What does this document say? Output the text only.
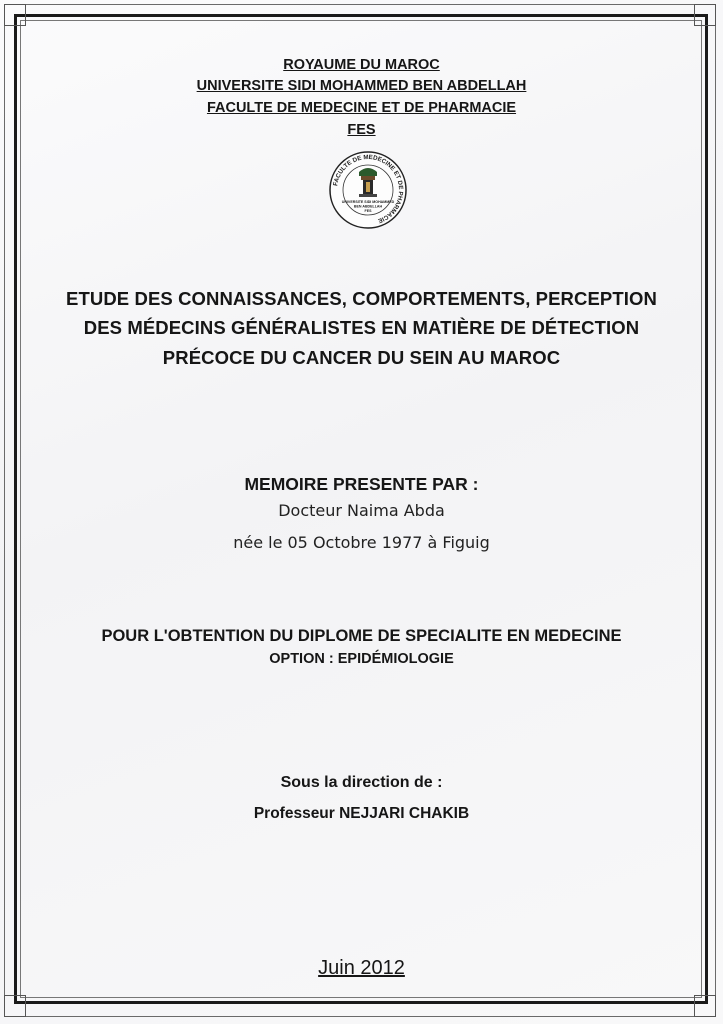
ROYAUME DU MAROC
UNIVERSITE SIDI MOHAMMED BEN ABDELLAH
FACULTE DE MEDECINE ET DE PHARMACIE
FES
FACULTE DE MEDECINE ET DE PHARMACIE
UNIVERSITE SIDI MOHAMMED
BEN ABDELLAH
FES
ETUDE DES CONNAISSANCES, COMPORTEMENTS, PERCEPTION
DES MÉDECINS GÉNÉRALISTES EN MATIÈRE DE DÉTECTION
PRÉCOCE DU CANCER DU SEIN AU MAROC
MEMOIRE PRESENTE PAR :
Docteur Naima Abda
née le 05 Octobre 1977 à Figuig
POUR L'OBTENTION DU DIPLOME DE SPECIALITE EN MEDECINE
OPTION : EPIDÉMIOLOGIE
Sous la direction de :
Professeur NEJJARI CHAKIB
Juin 2012
